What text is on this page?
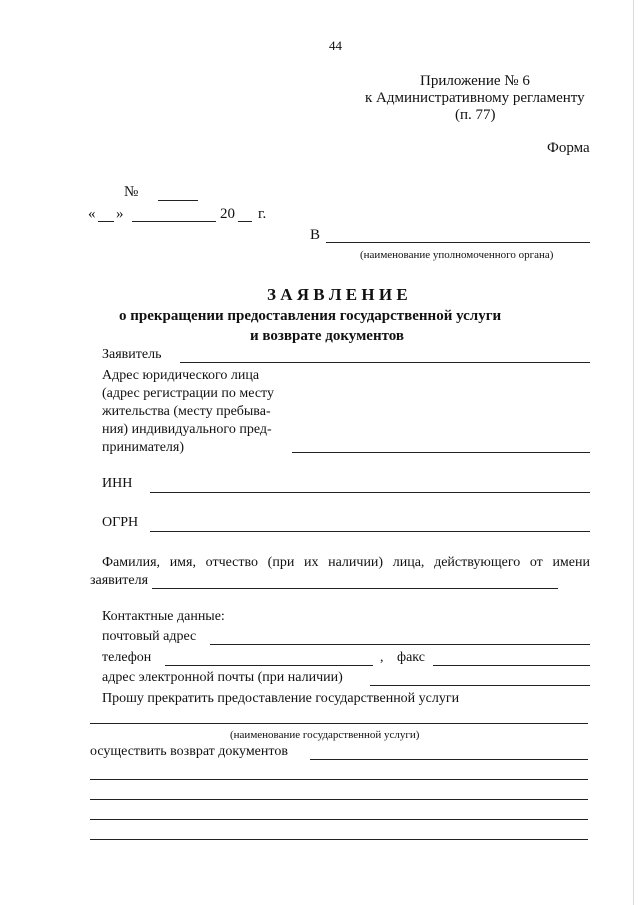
44
Приложение № 6
к Административному регламенту
(п. 77)
Форма
№
« »	20 г.
В
(наименование уполномоченного органа)
З А Я В Л Е Н И Е
о прекращении предоставления государственной услуги
и возврате документов
Заявитель
Адрес юридического лица
(адрес регистрации по месту
жительства (месту пребыва-
ния) индивидуального пред-
принимателя)
ИНН
ОГРН
Фамилия, имя, отчество (при их наличии) лица, действующего от имени
заявителя
Контактные данные:
почтовый адрес
телефон	, факс
адрес электронной почты (при наличии)
Прошу прекратить предоставление государственной услуги
(наименование государственной услуги)
осуществить возврат документов
